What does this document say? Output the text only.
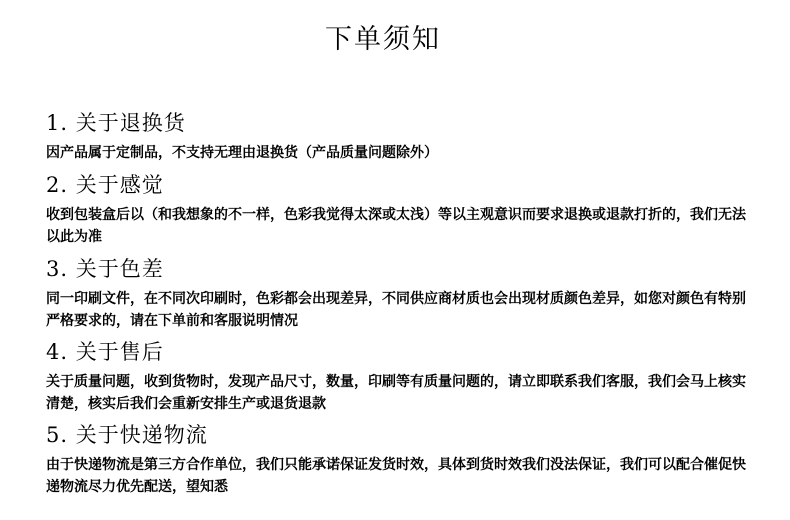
下单须知
1. 关于退换货

因产品属于定制品，不支持无理由退换货（产品质量问题除外）

2. 关于感觉

收到包装盒后以（和我想象的不一样，色彩我觉得太深或太浅）等以主观意识而要求退换或退款打折的，我们无法以此为准

3. 关于色差

同一印刷文件，在不同次印刷时，色彩都会出现差异，不同供应商材质也会出现材质颜色差异，如您对颜色有特别严格要求的，请在下单前和客服说明情况

4. 关于售后

关于质量问题，收到货物时，发现产品尺寸，数量，印刷等有质量问题的，请立即联系我们客服，我们会马上核实清楚，核实后我们会重新安排生产或退货退款

5. 关于快递物流

由于快递物流是第三方合作单位，我们只能承诺保证发货时效，具体到货时效我们没法保证，我们可以配合催促快递物流尽力优先配送，望知悉
